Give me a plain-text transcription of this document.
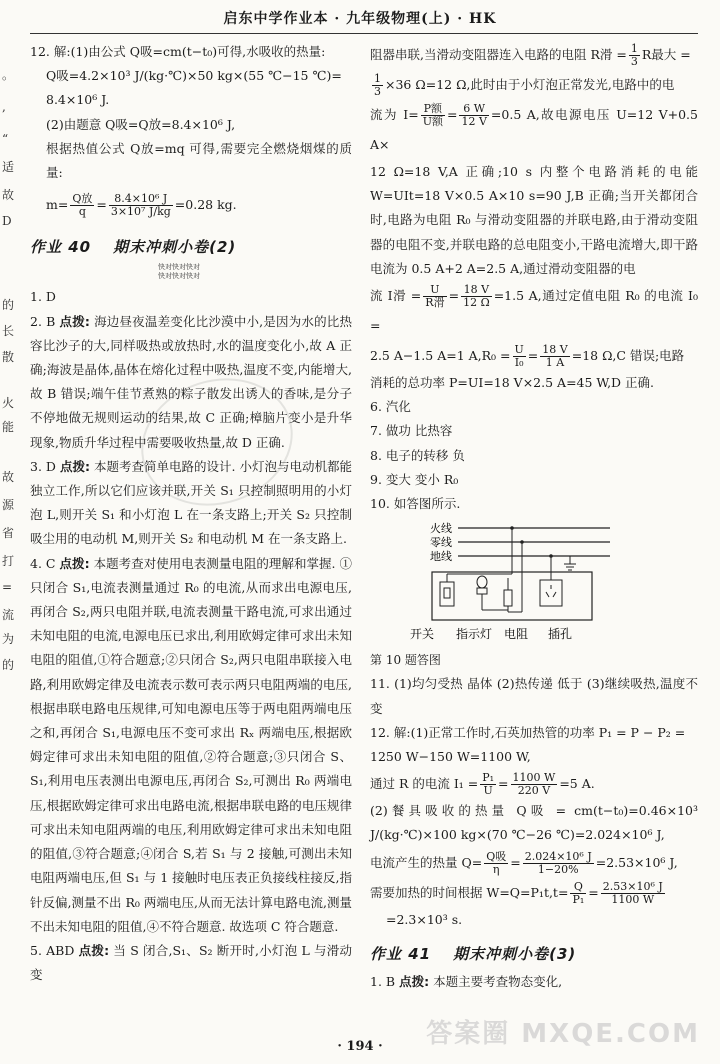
启东中学作业本 · 九年级物理(上) · HK
。
,
“
适
故
D
的
长
散
火
能
故
源
省
打
=
流
为
的

12. 解:(1)由公式 Q吸=cm(t−t₀)可得,水吸收的热量:

Q吸=4.2×10³ J/(kg·℃)×50 kg×(55 ℃−15 ℃)=

8.4×10⁶ J.

(2)由题意 Q吸=Q放=8.4×10⁶ J,

根据热值公式 Q放=mq 可得,需要完全燃烧烟煤的质量:

$m= \frac{\text{Q放}}{q} = \frac{\text{8.4×10⁶ J}}{\text{3×10⁷ J/kg}} =0.28$ kg.

作业 40 期末冲刺小卷(2)

快对快对快对

快对快对快对

1. D

2. B 点拨: 海边昼夜温差变化比沙漠中小,是因为水的比热容比沙子的大,同样吸热或放热时,水的温度变化小,故 A 正确;海波是晶体,晶体在熔化过程中吸热,温度不变,内能增大,故 B 错误;端午佳节煮熟的粽子散发出诱人的香味,是分子不停地做无规则运动的结果,故 C 正确;樟脑片变小是升华现象,物质升华过程中需要吸收热量,故 D 正确.

3. D 点拨: 本题考查简单电路的设计. 小灯泡与电动机都能独立工作,所以它们应该并联,开关 S₁ 只控制照明用的小灯泡 L,则开关 S₁ 和小灯泡 L 在一条支路上;开关 S₂ 只控制吸尘用的电动机 M,则开关 S₂ 和电动机 M 在一条支路上.

4. C 点拨: 本题考查对使用电表测量电阻的理解和掌握. ①只闭合 S₁,电流表测量通过 R₀ 的电流,从而求出电源电压,再闭合 S₂,两只电阻并联,电流表测量干路电流,可求出通过未知电阻的电流,电源电压已求出,利用欧姆定律可求出未知电阻的阻值,①符合题意;②只闭合 S₂,两只电阻串联接入电路,利用欧姆定律及电流表示数可表示两只电阻两端的电压,根据串联电路电压规律,可知电源电压等于两电阻两端电压之和,再闭合 S₁,电源电压不变可求出 Rₓ 两端电压,根据欧姆定律可求出未知电阻的阻值,②符合题意;③只闭合 S、S₁,利用电压表测出电源电压,再闭合 S₂,可测出 R₀ 两端电压,根据欧姆定律可求出电路电流,根据串联电路的电压规律可求出未知电阻两端的电压,利用欧姆定律可求出未知电阻的阻值,③符合题意;④闭合 S,若 S₁ 与 2 接触,可测出未知电阻两端电压,但 S₁ 与 1 接触时电压表正负接线柱接反,指针反偏,测量不出 R₀ 两端电压,从而无法计算电路电流,测量不出未知电阻的阻值,④不符合题意. 故选项 C 符合题意.

5. ABD 点拨: 当 S 闭合,S₁、S₂ 断开时,小灯泡 L 与滑动变

阻器串联,当滑动变阻器连入电路的电阻 R滑 = $\frac{1}{3}$ R最大 =

$\frac{1}{3} \times 36$ Ω=12 Ω,此时由于小灯泡正常发光,电路中的电

流为 $I= \frac{\text{P额}}{\text{U额}} = \frac{6 W}{12 V} =0.5$ A,故电源电压 U=12 V+0.5 A×

12 Ω=18 V,A 正确;10 s 内整个电路消耗的电能 W=UIt=18 V×0.5 A×10 s=90 J,B 正确;当开关都闭合时,电路为电阻 R₀ 与滑动变阻器的并联电路,由于滑动变阻器的电阻不变,并联电路的总电阻变小,干路电流增大,即干路电流为 0.5 A+2 A=2.5 A,通过滑动变阻器的电

流 I滑 = $\frac{U}{\text{R滑}} = \frac{18 V}{12 \Omega} =1.5$ A,通过定值电阻 R₀ 的电流 I₀ =

2.5 A−1.5 A=1 $A,R_0 = \frac{U}{\text{I₀}} = \frac{18 V}{1 A} =18$ Ω,C 错误;电路

消耗的总功率 P=UI=18 V×2.5 A=45 W,D 正确.

6. 汽化

7. 做功 比热容

8. 电子的转移 负

9. 变大 变小 R₀

10. 如答图所示.

火线
零线
地线
开关 指示灯 电阻 插孔

第 10 题答图

11. (1)均匀受热 晶体 (2)热传递 低于 (3)继续吸热,温度不变

12. 解:(1)正常工作时,石英加热管的功率 P₁ = P − P₂ =

1250 W−150 W=1100 W,

通过 R 的电流 $I_1 = \frac{\text{P₁}}{U} = \frac{1100 W}{220 V} =5$ A.

(2)餐具吸收的热量 Q吸 = cm(t−t₀)=0.46×10³ J/(kg·℃)×100 kg×(70 ℃−26 ℃)=2.024×10⁶ J,

电流产生的热量 $Q= \frac{\text{Q吸}}{\eta} = \frac{\text{2.024×10⁶ J}}{1-20\%} =2.53\times 10^6$ J,

需要加热的时间根据 $W=Q=P_1t,t= \frac{Q}{\text{P₁}} = \frac{\text{2.53×10⁶ J}}{1100 W}$

=2.3×10³ s.

作业 41 期末冲刺小卷(3)

1. B 点拨: 本题主要考查物态变化,

· 194 ·	答案圈 MXQE.COM
